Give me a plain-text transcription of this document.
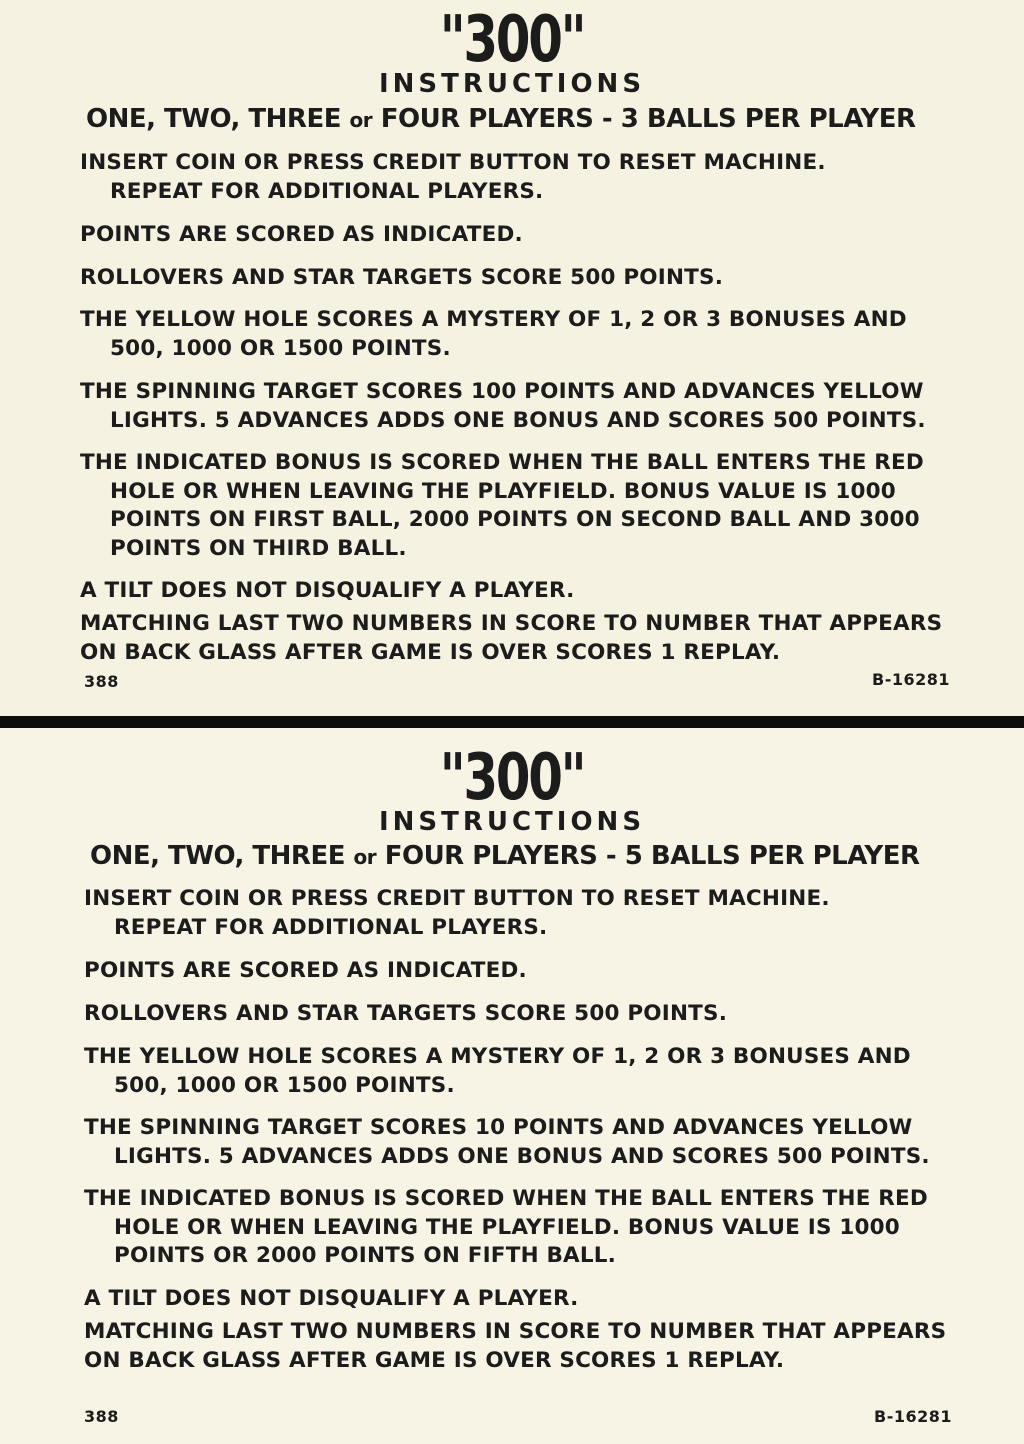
"300"
INSTRUCTIONS
ONE, TWO, THREE or FOUR PLAYERS - 3 BALLS PER PLAYER
INSERT COIN OR PRESS CREDIT BUTTON TO RESET MACHINE.
REPEAT FOR ADDITIONAL PLAYERS.
POINTS ARE SCORED AS INDICATED.
ROLLOVERS AND STAR TARGETS SCORE 500 POINTS.
THE YELLOW HOLE SCORES A MYSTERY OF 1, 2 OR 3 BONUSES AND
500, 1000 OR 1500 POINTS.
THE SPINNING TARGET SCORES 100 POINTS AND ADVANCES YELLOW
LIGHTS. 5 ADVANCES ADDS ONE BONUS AND SCORES 500 POINTS.
THE INDICATED BONUS IS SCORED WHEN THE BALL ENTERS THE RED
HOLE OR WHEN LEAVING THE PLAYFIELD. BONUS VALUE IS 1000
POINTS ON FIRST BALL, 2000 POINTS ON SECOND BALL AND 3000
POINTS ON THIRD BALL.
A TILT DOES NOT DISQUALIFY A PLAYER.
MATCHING LAST TWO NUMBERS IN SCORE TO NUMBER THAT APPEARS
ON BACK GLASS AFTER GAME IS OVER SCORES 1 REPLAY.
388	B-16281
"300"
INSTRUCTIONS
ONE, TWO, THREE or FOUR PLAYERS - 5 BALLS PER PLAYER
INSERT COIN OR PRESS CREDIT BUTTON TO RESET MACHINE.
REPEAT FOR ADDITIONAL PLAYERS.
POINTS ARE SCORED AS INDICATED.
ROLLOVERS AND STAR TARGETS SCORE 500 POINTS.
THE YELLOW HOLE SCORES A MYSTERY OF 1, 2 OR 3 BONUSES AND
500, 1000 OR 1500 POINTS.
THE SPINNING TARGET SCORES 10 POINTS AND ADVANCES YELLOW
LIGHTS. 5 ADVANCES ADDS ONE BONUS AND SCORES 500 POINTS.
THE INDICATED BONUS IS SCORED WHEN THE BALL ENTERS THE RED
HOLE OR WHEN LEAVING THE PLAYFIELD. BONUS VALUE IS 1000
POINTS OR 2000 POINTS ON FIFTH BALL.
A TILT DOES NOT DISQUALIFY A PLAYER.
MATCHING LAST TWO NUMBERS IN SCORE TO NUMBER THAT APPEARS
ON BACK GLASS AFTER GAME IS OVER SCORES 1 REPLAY.
388	B-16281
